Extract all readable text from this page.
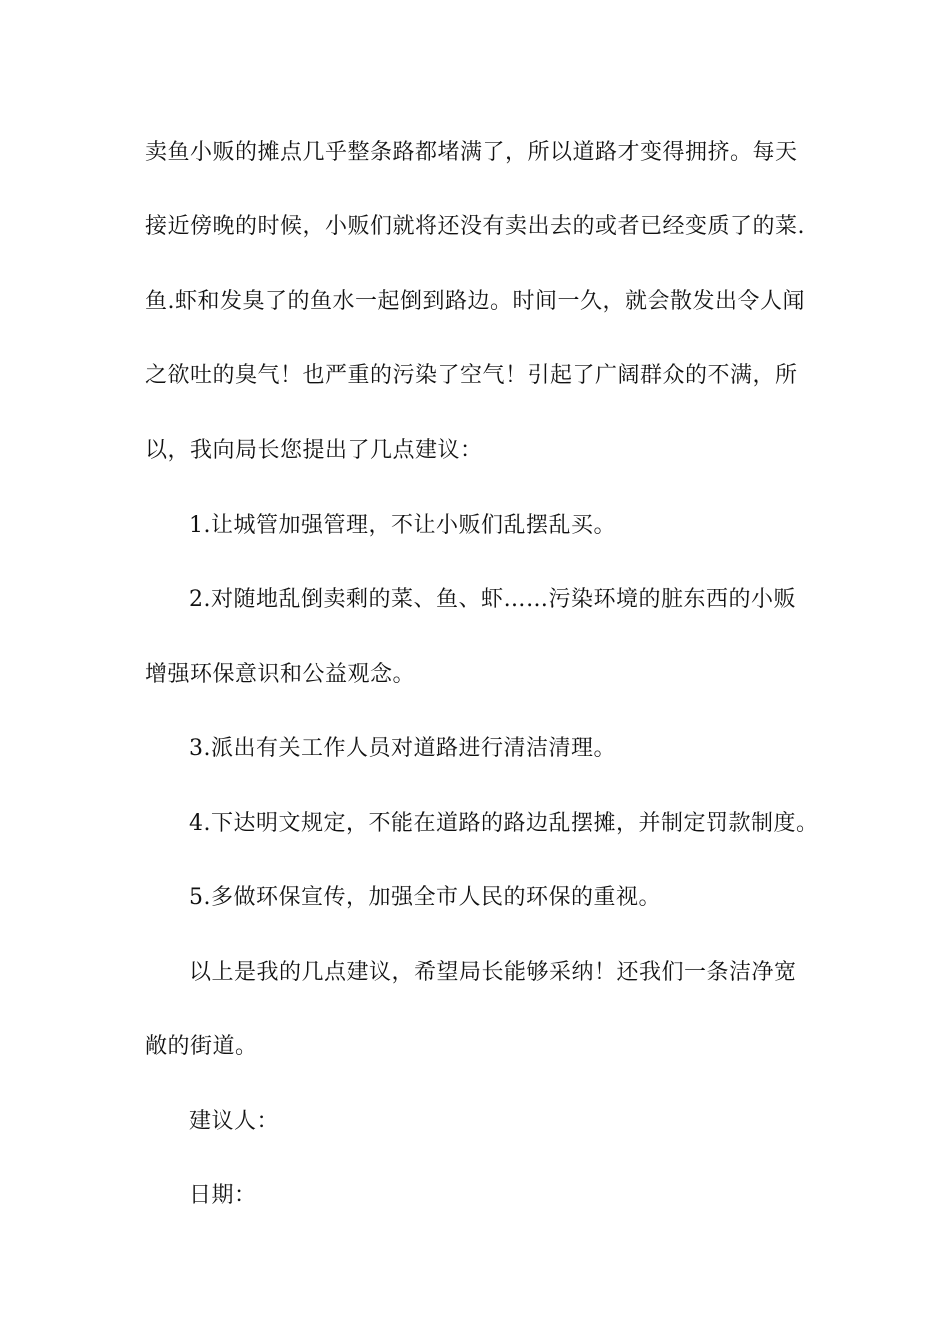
卖鱼小贩的摊点几乎整条路都堵满了，所以道路才变得拥挤。每天
接近傍晚的时候，小贩们就将还没有卖出去的或者已经变质了的菜.
鱼.虾和发臭了的鱼水一起倒到路边。时间一久，就会散发出令人闻
之欲吐的臭气！也严重的污染了空气！引起了广阔群众的不满，所
以，我向局长您提出了几点建议：
1.让城管加强管理，不让小贩们乱摆乱买。
2.对随地乱倒卖剩的菜、鱼、虾……污染环境的脏东西的小贩
增强环保意识和公益观念。
3.派出有关工作人员对道路进行清洁清理。
4.下达明文规定，不能在道路的路边乱摆摊，并制定罚款制度。
5.多做环保宣传，加强全市人民的环保的重视。
以上是我的几点建议，希望局长能够采纳！还我们一条洁净宽
敞的街道。
建议人：
日期：
